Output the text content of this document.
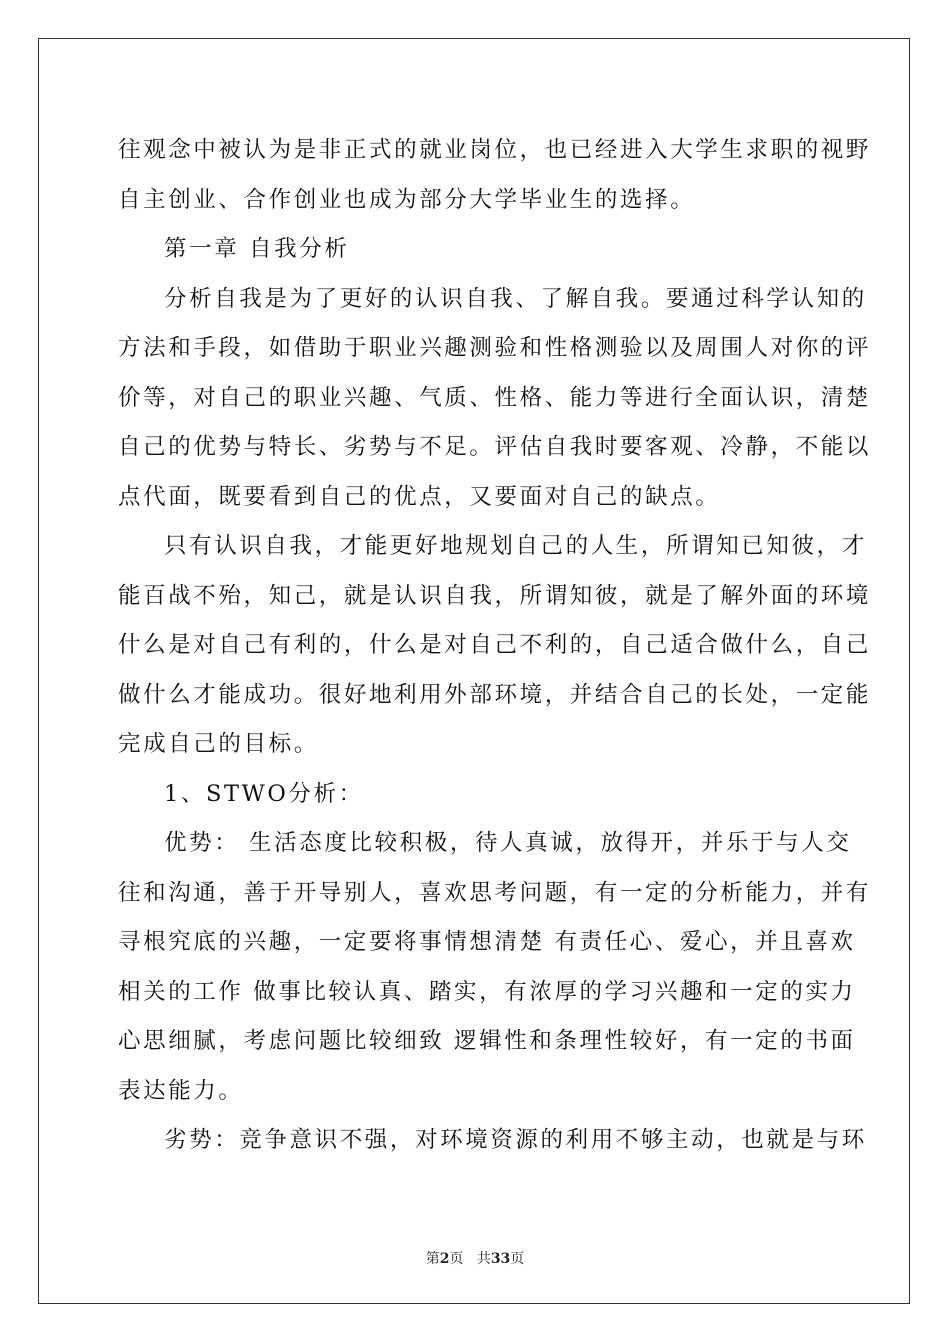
往观念中被认为是非正式的就业岗位，也已经进入大学生求职的视野
自主创业、合作创业也成为部分大学毕业生的选择。
第一章 自我分析
分析自我是为了更好的认识自我、了解自我。要通过科学认知的
方法和手段，如借助于职业兴趣测验和性格测验以及周围人对你的评
价等，对自己的职业兴趣、气质、性格、能力等进行全面认识，清楚
自己的优势与特长、劣势与不足。评估自我时要客观、冷静，不能以
点代面，既要看到自己的优点，又要面对自己的缺点。
只有认识自我，才能更好地规划自己的人生，所谓知已知彼，才
能百战不殆，知己，就是认识自我，所谓知彼，就是了解外面的环境
什么是对自己有利的，什么是对自己不利的，自己适合做什么，自己
做什么才能成功。很好地利用外部环境，并结合自己的长处，一定能
完成自己的目标。
1、STWO分析：
优势： 生活态度比较积极，待人真诚，放得开，并乐于与人交
往和沟通，善于开导别人，喜欢思考问题，有一定的分析能力，并有
寻根究底的兴趣，一定要将事情想清楚 有责任心、爱心，并且喜欢
相关的工作 做事比较认真、踏实，有浓厚的学习兴趣和一定的实力
心思细腻，考虑问题比较细致 逻辑性和条理性较好，有一定的书面
表达能力。
劣势：竞争意识不强，对环境资源的利用不够主动，也就是与环
第2页 共33页
